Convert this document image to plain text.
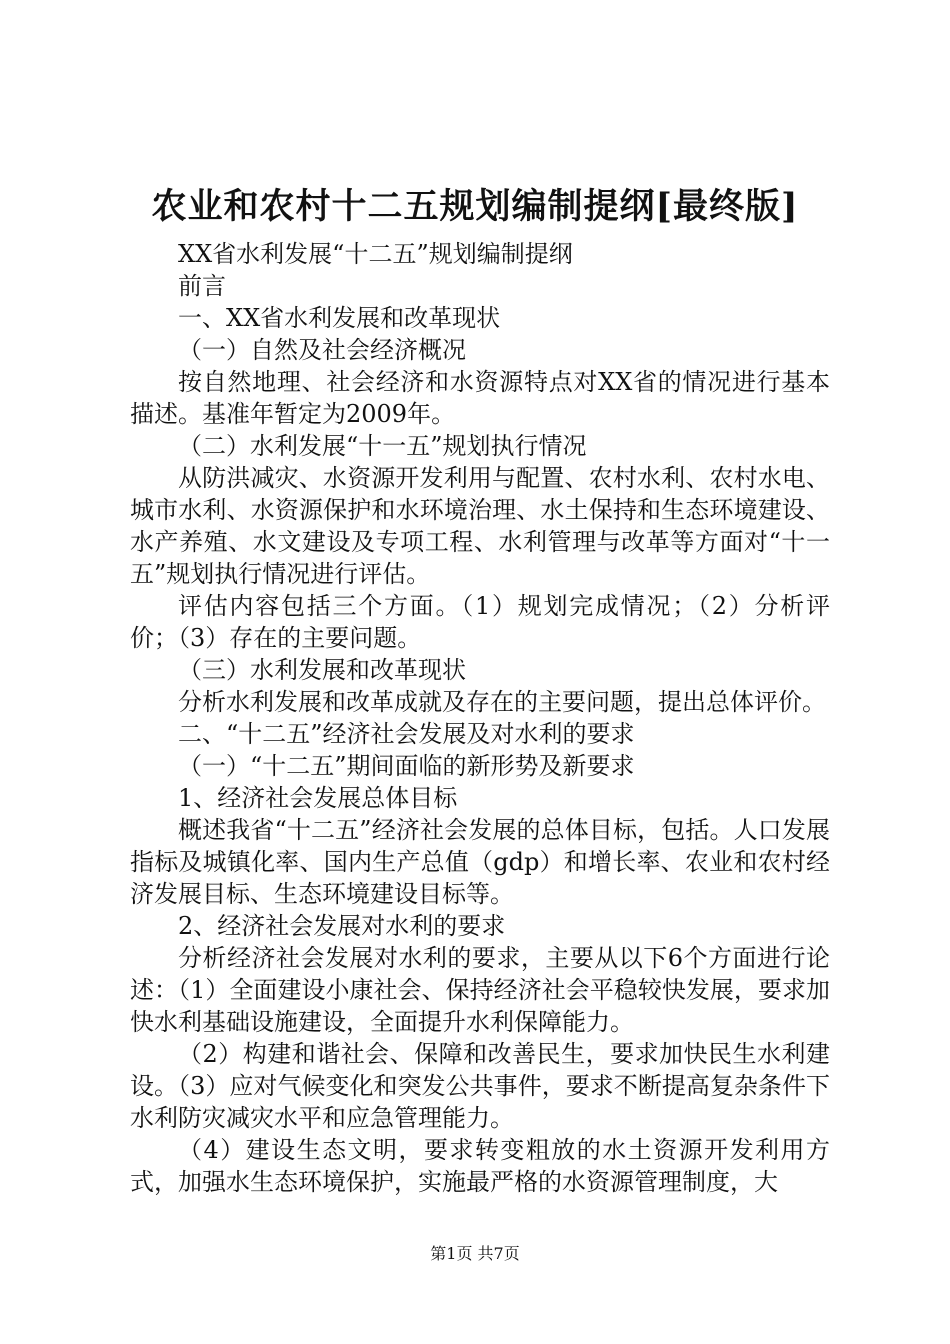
农业和农村十二五规划编制提纲[最终版]

XX省水利发展“十二五”规划编制提纲

前言

一、XX省水利发展和改革现状

（一）自然及社会经济概况

按自然地理、社会经济和水资源特点对XX省的情况进行基本描述。基准年暂定为2009年。

（二）水利发展“十一五”规划执行情况

从防洪减灾、水资源开发利用与配置、农村水利、农村水电、城市水利、水资源保护和水环境治理、水土保持和生态环境建设、水产养殖、水文建设及专项工程、水利管理与改革等方面对“十一五”规划执行情况进行评估。

评估内容包括三个方面。（1）规划完成情况；（2）分析评价；（3）存在的主要问题。

（三）水利发展和改革现状

分析水利发展和改革成就及存在的主要问题，提出总体评价。

二、“十二五”经济社会发展及对水利的要求

（一）“十二五”期间面临的新形势及新要求

1、经济社会发展总体目标

概述我省“十二五”经济社会发展的总体目标，包括。人口发展指标及城镇化率、国内生产总值（gdp）和增长率、农业和农村经济发展目标、生态环境建设目标等。

2、经济社会发展对水利的要求

分析经济社会发展对水利的要求，主要从以下6个方面进行论述：（1）全面建设小康社会、保持经济社会平稳较快发展，要求加快水利基础设施建设，全面提升水利保障能力。

（2）构建和谐社会、保障和改善民生，要求加快民生水利建设。（3）应对气候变化和突发公共事件，要求不断提高复杂条件下水利防灾减灾水平和应急管理能力。

（4）建设生态文明，要求转变粗放的水土资源开发利用方式，加强水生态环境保护，实施最严格的水资源管理制度，大

第1页 共7页
